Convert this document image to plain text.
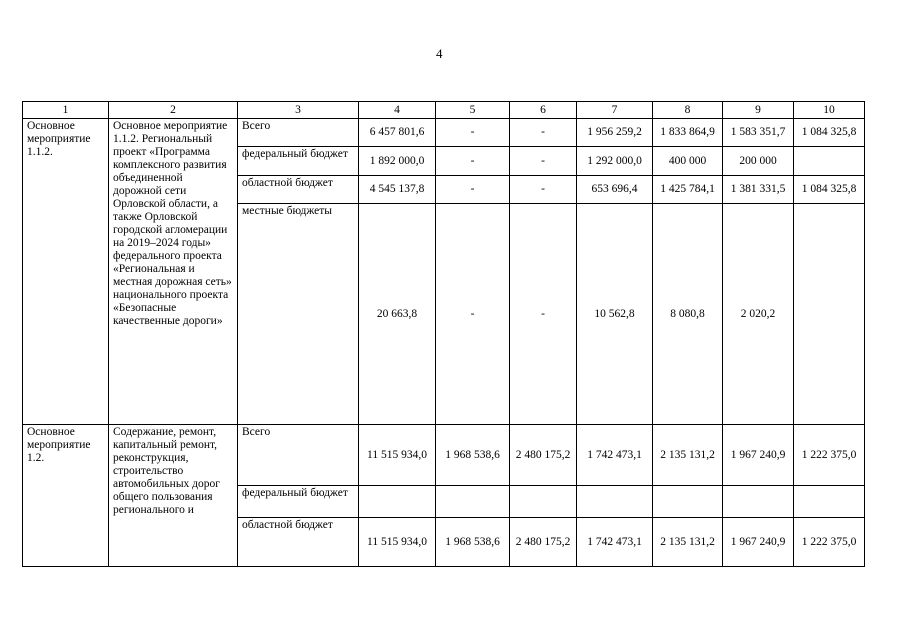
4
1	2	3	4	5	6	7	8	9	10
Основное мероприятие 1.1.2.	Основное мероприятие 1.1.2. Региональный проект «Программа комплексного развития объединенной дорожной сети Орловской области, а также Орловской городской агломерации на 2019–2024 годы» федерального проекта «Региональная и местная дорожная сеть» национального проекта «Безопасные качественные дороги»	Всего	6 457 801,6	-	-	1 956 259,2	1 833 864,9	1 583 351,7	1 084 325,8
		федеральный бюджет	1 892 000,0	-	-	1 292 000,0	400 000	200 000	
		областной бюджет	4 545 137,8	-	-	653 696,4	1 425 784,1	1 381 331,5	1 084 325,8
		местные бюджеты	20 663,8	-	-	10 562,8	8 080,8	2 020,2	
Основное мероприятие 1.2.	Содержание, ремонт, капитальный ремонт, реконструкция, строительство автомобильных дорог общего пользования регионального и	Всего	11 515 934,0	1 968 538,6	2 480 175,2	1 742 473,1	2 135 131,2	1 967 240,9	1 222 375,0
		федеральный бюджет							
		областной бюджет	11 515 934,0	1 968 538,6	2 480 175,2	1 742 473,1	2 135 131,2	1 967 240,9	1 222 375,0
